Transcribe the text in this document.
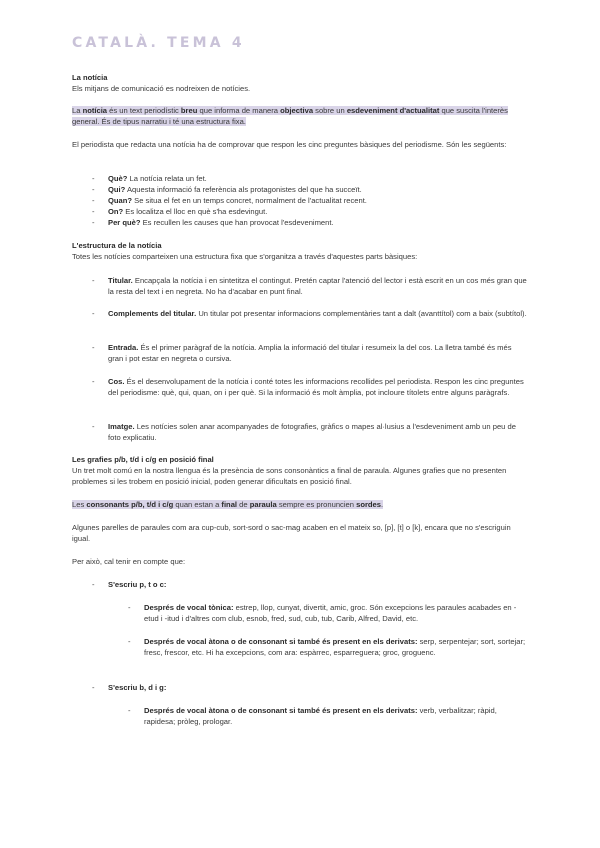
CATALÀ. TEMA 4
La notícia
Els mitjans de comunicació es nodreixen de notícies.
La notícia és un text periodístic breu que informa de manera objectiva sobre un esdeveniment d'actualitat que suscita l'interès general. És de tipus narratiu i té una estructura fixa.
El periodista que redacta una notícia ha de comprovar que respon les cinc preguntes bàsiques del periodisme. Són les següents:
-	Què? La notícia relata un fet.
-	Qui? Aquesta informació fa referència als protagonistes del que ha succeït.
-	Quan? Se situa el fet en un temps concret, normalment de l'actualitat recent.
-	On? Es localitza el lloc en què s'ha esdevingut.
-	Per què? Es recullen les causes que han provocat l'esdeveniment.
L'estructura de la notícia
Totes les notícies comparteixen una estructura fixa que s'organitza a través d'aquestes parts bàsiques:
-	Titular. Encapçala la notícia i en sintetitza el contingut. Pretén captar l'atenció del lector i està escrit en un cos més gran que la resta del text i en negreta. No ha d'acabar en punt final.
-	Complements del titular. Un titular pot presentar informacions complementàries tant a dalt (avanttítol) com a baix (subtítol).
-	Entrada. És el primer paràgraf de la notícia. Amplia la informació del titular i resumeix la del cos. La lletra també és més gran i pot estar en negreta o cursiva.
-	Cos. És el desenvolupament de la notícia i conté totes les informacions recollides pel periodista. Respon les cinc preguntes del periodisme: què, qui, quan, on i per què. Si la informació és molt àmplia, pot incloure títolets entre alguns paràgrafs.
-	Imatge. Les notícies solen anar acompanyades de fotografies, gràfics o mapes al·lusius a l'esdeveniment amb un peu de foto explicatiu.
Les grafies p/b, t/d i c/g en posició final
Un tret molt comú en la nostra llengua és la presència de sons consonàntics a final de paraula. Algunes grafies que no presenten problemes si les trobem en posició inicial, poden generar dificultats en posició final.
Les consonants p/b, t/d i c/g quan estan a final de paraula sempre es pronuncien sordes.
Algunes parelles de paraules com ara cup-cub, sort-sord o sac-mag acaben en el mateix so, [p], [t] o [k], encara que no s'escriguin igual.
Per això, cal tenir en compte que:
-	S'escriu p, t o c:
-	Després de vocal tònica: estrep, llop, cunyat, divertit, amic, groc. Són excepcions les paraules acabades en -etud i -itud i d'altres com club, esnob, fred, sud, cub, tub, Carib, Alfred, David, etc.
-	Després de vocal àtona o de consonant si també és present en els derivats: serp, serpentejar; sort, sortejar; fresc, frescor, etc. Hi ha excepcions, com ara: espàrrec, esparreguera; groc, groguenc.
-	S'escriu b, d i g:
-	Després de vocal àtona o de consonant si també és present en els derivats: verb, verbalitzar; ràpid, rapidesa; pròleg, prologar.
